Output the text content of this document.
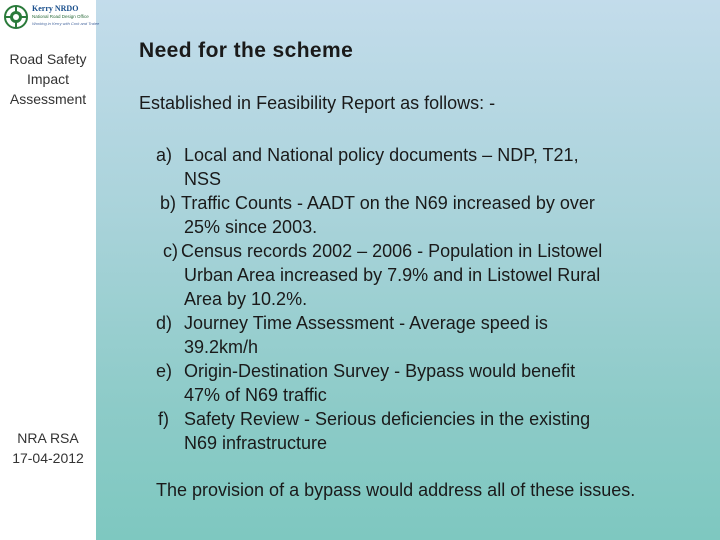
Kerry NRDO
National Road Design Office
Working in Kerry with Cork and Tralee
Road Safety
Impact
Assessment
NRA RSA
17-04-2012
Need for the scheme
Established in Feasibility Report as follows: -
a) Local and National policy documents – NDP, T21,
NSS
b) Traffic Counts - AADT on the N69 increased by over
25% since 2003.
c) Census records 2002 – 2006 - Population in Listowel
Urban Area increased by 7.9% and in Listowel Rural
Area by 10.2%.
d) Journey Time Assessment - Average speed is
39.2km/h
e) Origin-Destination Survey - Bypass would benefit
47% of N69 traffic
f) Safety Review - Serious deficiencies in the existing
N69 infrastructure
The provision of a bypass would address all of these issues.
